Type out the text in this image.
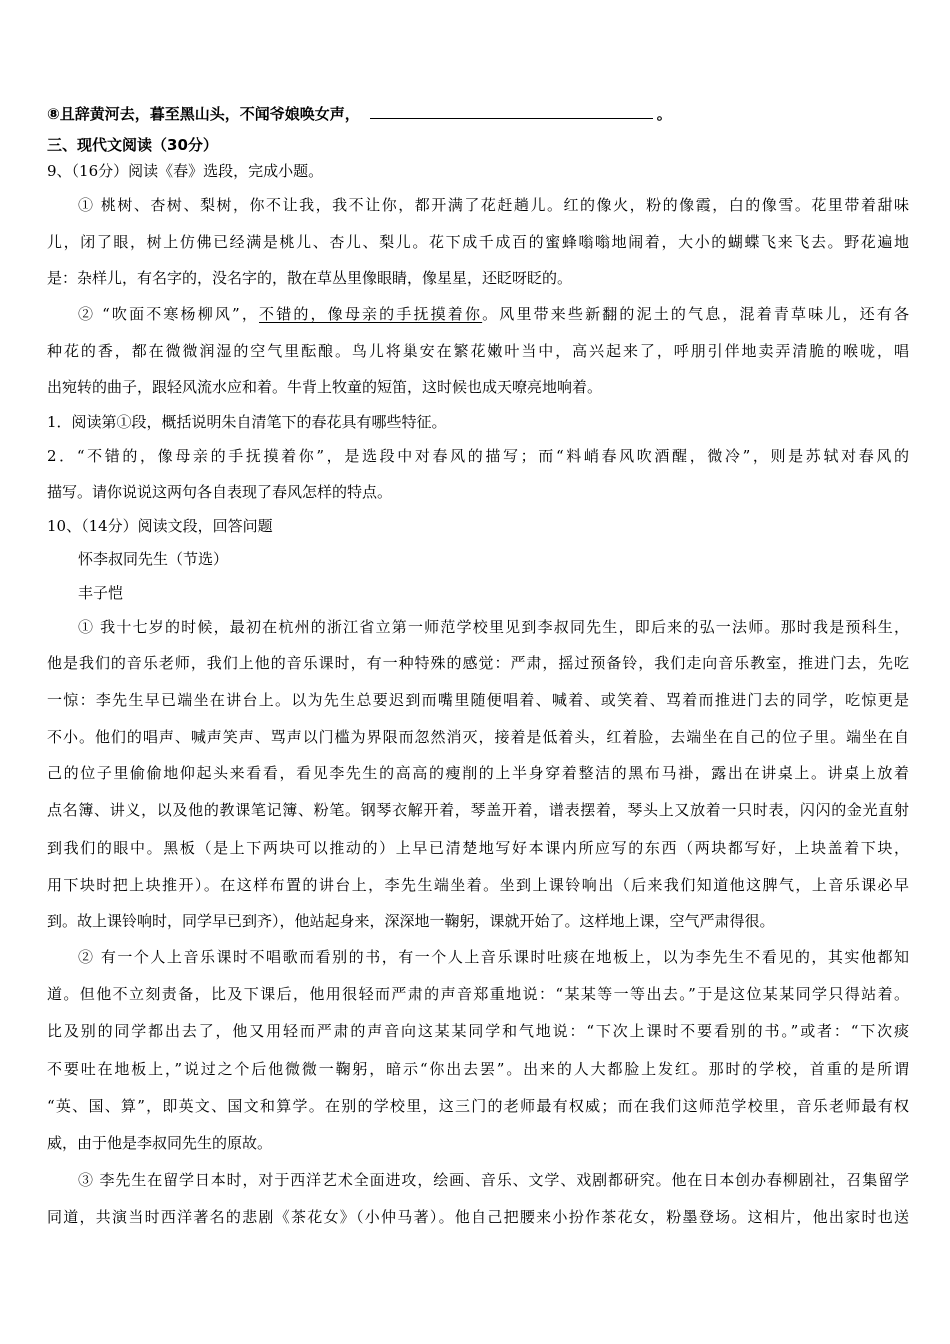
⑧且辞黄河去，暮至黑山头，不闻爷娘唤女声，	。
三、现代文阅读（30分）
9、（16分）阅读《春》选段，完成小题。
① 桃树、杏树、梨树，你不让我，我不让你，都开满了花赶趟儿。红的像火，粉的像霞，白的像雪。花里带着甜味
儿，闭了眼，树上仿佛已经满是桃儿、杏儿、梨儿。花下成千成百的蜜蜂嗡嗡地闹着，大小的蝴蝶飞来飞去。野花遍地
是：杂样儿，有名字的，没名字的，散在草丛里像眼睛，像星星，还眨呀眨的。
② “吹面不寒杨柳风”，不错的，像母亲的手抚摸着你。风里带来些新翻的泥土的气息，混着青草味儿，还有各
种花的香，都在微微润湿的空气里酝酿。鸟儿将巢安在繁花嫩叶当中，高兴起来了，呼朋引伴地卖弄清脆的喉咙，唱
出宛转的曲子，跟轻风流水应和着。牛背上牧童的短笛，这时候也成天嘹亮地响着。
1．阅读第①段，概括说明朱自清笔下的春花具有哪些特征。
2．“不错的，像母亲的手抚摸着你”，是选段中对春风的描写；而“料峭春风吹酒醒，微冷”，则是苏轼对春风的
描写。请你说说这两句各自表现了春风怎样的特点。
10、（14分）阅读文段，回答问题
怀李叔同先生（节选）
丰子恺
① 我十七岁的时候，最初在杭州的浙江省立第一师范学校里见到李叔同先生，即后来的弘一法师。那时我是预科生，
他是我们的音乐老师，我们上他的音乐课时，有一种特殊的感觉：严肃，摇过预备铃，我们走向音乐教室，推进门去，先吃
一惊：李先生早已端坐在讲台上。以为先生总要迟到而嘴里随便唱着、喊着、或笑着、骂着而推进门去的同学，吃惊更是
不小。他们的唱声、喊声笑声、骂声以门槛为界限而忽然消灭，接着是低着头，红着脸，去端坐在自己的位子里。端坐在自
己的位子里偷偷地仰起头来看看，看见李先生的高高的瘦削的上半身穿着整洁的黑布马褂，露出在讲桌上。讲桌上放着
点名簿、讲义，以及他的教课笔记簿、粉笔。钢琴衣解开着，琴盖开着，谱表摆着，琴头上又放着一只时表，闪闪的金光直射
到我们的眼中。黑板（是上下两块可以推动的）上早已清楚地写好本课内所应写的东西（两块都写好，上块盖着下块，
用下块时把上块推开）。在这样布置的讲台上，李先生端坐着。坐到上课铃响出（后来我们知道他这脾气，上音乐课必早
到。故上课铃响时，同学早已到齐），他站起身来，深深地一鞠躬，课就开始了。这样地上课，空气严肃得很。
② 有一个人上音乐课时不唱歌而看别的书，有一个人上音乐课时吐痰在地板上，以为李先生不看见的，其实他都知
道。但他不立刻责备，比及下课后，他用很轻而严肃的声音郑重地说：“某某等一等出去。”于是这位某某同学只得站着。
比及别的同学都出去了，他又用轻而严肃的声音向这某某同学和气地说：“下次上课时不要看别的书。”或者：“下次痰
不要吐在地板上，”说过之个后他微微一鞠躬，暗示“你出去罢”。出来的人大都脸上发红。那时的学校，首重的是所谓
“英、国、算”，即英文、国文和算学。在别的学校里，这三门的老师最有权威；而在我们这师范学校里，音乐老师最有权
威，由于他是李叔同先生的原故。
③ 李先生在留学日本时，对于西洋艺术全面进攻，绘画、音乐、文学、戏剧都研究。他在日本创办春柳剧社，召集留学
同道，共演当时西洋著名的悲剧《茶花女》（小仲马著）。他自己把腰来小扮作茶花女，粉墨登场。这相片，他出家时也送
